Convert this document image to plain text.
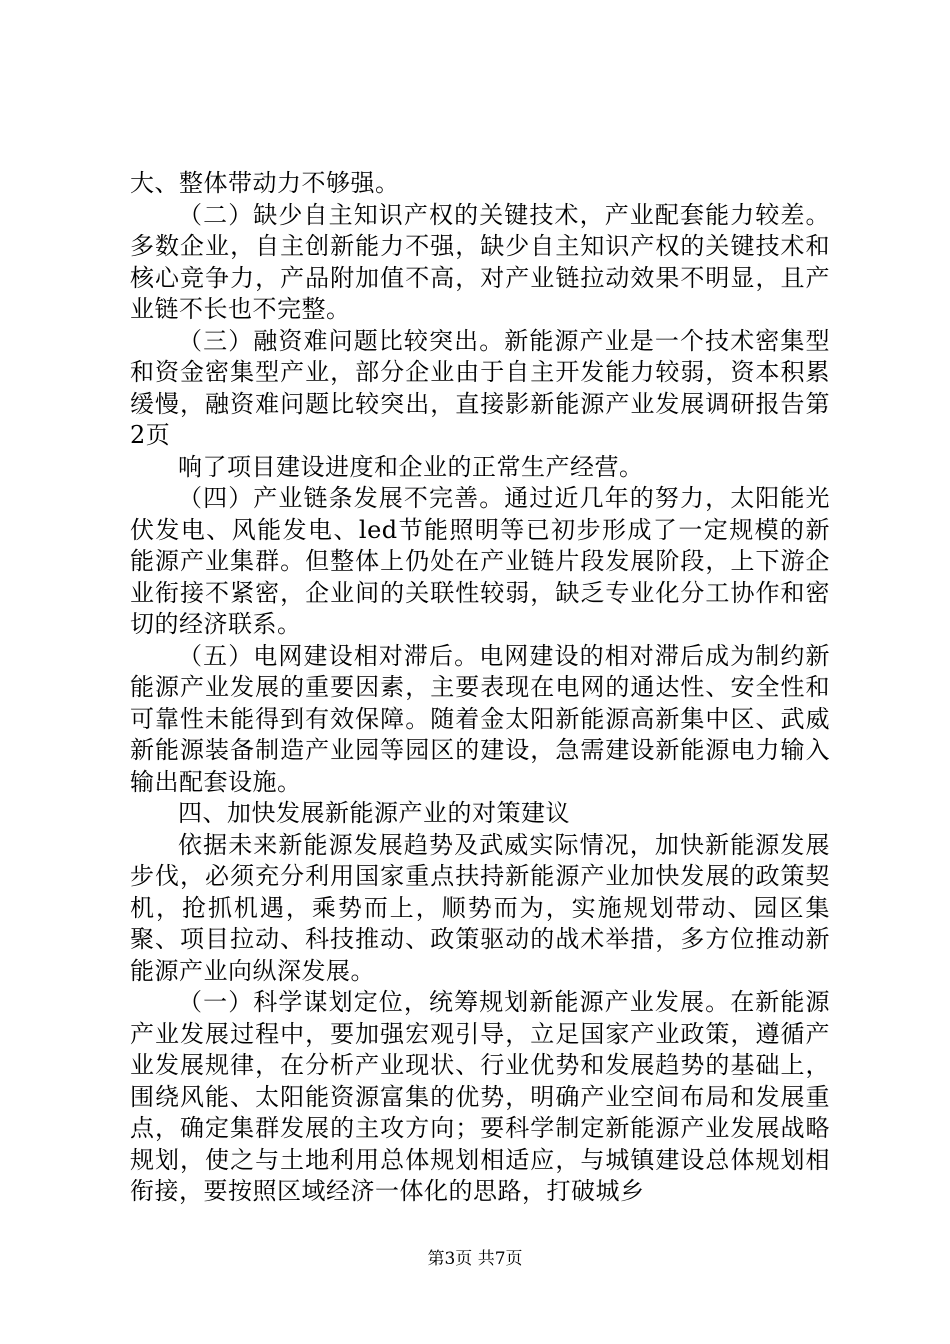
大、整体带动力不够强。

（二）缺少自主知识产权的关键技术，产业配套能力较差。多数企业，自主创新能力不强，缺少自主知识产权的关键技术和核心竞争力，产品附加值不高，对产业链拉动效果不明显，且产业链不长也不完整。

（三）融资难问题比较突出。新能源产业是一个技术密集型和资金密集型产业，部分企业由于自主开发能力较弱，资本积累缓慢，融资难问题比较突出，直接影新能源产业发展调研报告第2页

响了项目建设进度和企业的正常生产经营。

（四）产业链条发展不完善。通过近几年的努力，太阳能光伏发电、风能发电、led节能照明等已初步形成了一定规模的新能源产业集群。但整体上仍处在产业链片段发展阶段，上下游企业衔接不紧密，企业间的关联性较弱，缺乏专业化分工协作和密切的经济联系。

（五）电网建设相对滞后。电网建设的相对滞后成为制约新能源产业发展的重要因素，主要表现在电网的通达性、安全性和可靠性未能得到有效保障。随着金太阳新能源高新集中区、武威新能源装备制造产业园等园区的建设，急需建设新能源电力输入输出配套设施。

四、加快发展新能源产业的对策建议

依据未来新能源发展趋势及武威实际情况，加快新能源发展步伐，必须充分利用国家重点扶持新能源产业加快发展的政策契机，抢抓机遇，乘势而上，顺势而为，实施规划带动、园区集聚、项目拉动、科技推动、政策驱动的战术举措，多方位推动新能源产业向纵深发展。

（一）科学谋划定位，统筹规划新能源产业发展。在新能源产业发展过程中，要加强宏观引导，立足国家产业政策，遵循产业发展规律，在分析产业现状、行业优势和发展趋势的基础上，围绕风能、太阳能资源富集的优势，明确产业空间布局和发展重点，确定集群发展的主攻方向；要科学制定新能源产业发展战略规划，使之与土地利用总体规划相适应，与城镇建设总体规划相衔接，要按照区域经济一体化的思路，打破城乡

第3页 共7页
